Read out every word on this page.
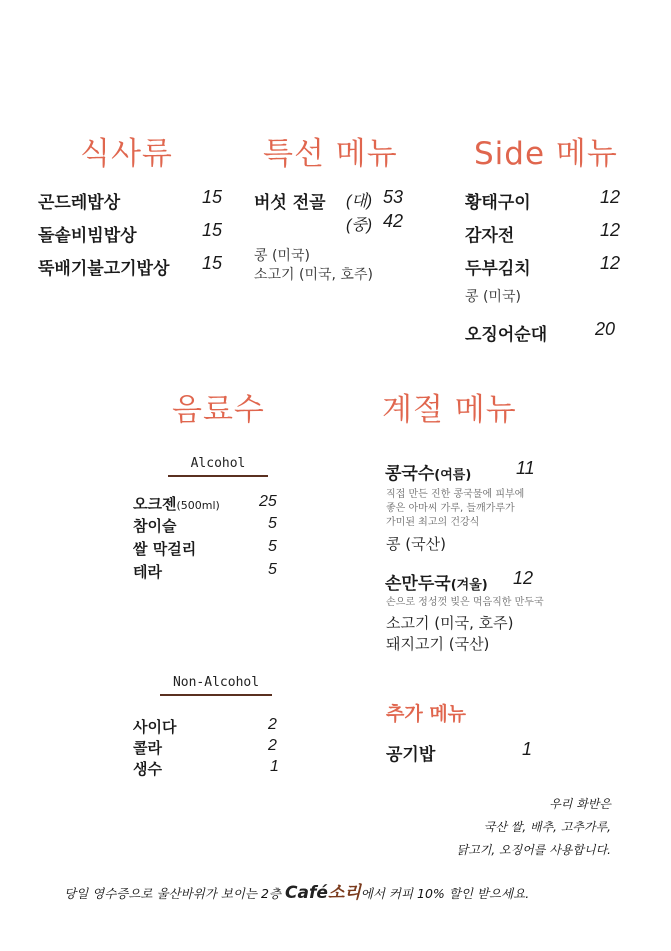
식사류
곤드레밥상	15
돌솥비빔밥상	15
뚝배기불고기밥상 15
특선 메뉴
버섯 전골 (대) 53
(중) 42
콩 (미국)
소고기 (미국, 호주)
Side 메뉴
황태구이	12
감자전	12
두부김치	12
콩 (미국)
오징어순대	20
음료수
Alcohol
오크젠(500ml) 25
참이슬	5
쌀 막걸리	5
테라	5
Non-Alcohol
사이다	2
콜라	2
생수	1
계절 메뉴
콩국수(여름) 11
직접 만든 진한 콩국물에 피부에
좋은 아마씨 가루, 들깨가루가
가미된 최고의 건강식
콩 (국산)
손만두국(겨울) 12
손으로 정성껏 빚은 먹음직한 만두국
소고기 (미국, 호주)
돼지고기 (국산)
추가 메뉴
공기밥	1
우리 화반은
국산 쌀, 배추, 고추가루,
닭고기, 오징어를 사용합니다.
당일 영수증으로 울산바위가 보이는 2층 Café소리에서 커피 10% 할인 받으세요.
